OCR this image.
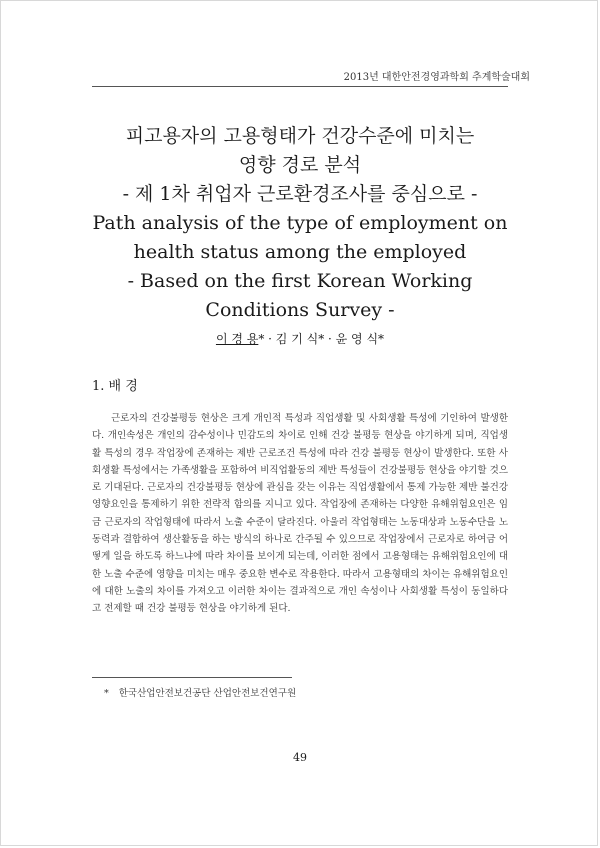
2013년 대한안전경영과학회 추계학술대회

피고용자의 고용형태가 건강수준에 미치는

영향 경로 분석

- 제 1차 취업자 근로환경조사를 중심으로 -

Path analysis of the type of employment on

health status among the employed

- Based on the first Korean Working

Conditions Survey -

이 경 용* · 김 기 식* · 윤 영 식*
1. 배 경

근로자의 건강불평등 현상은 크게 개인적 특성과 직업생활 및 사회생활 특성에 기인하여 발생한다. 개인속성은 개인의 감수성이나 민감도의 차이로 인해 건강 불평등 현상을 야기하게 되며, 직업생활 특성의 경우 작업장에 존재하는 제반 근로조건 특성에 따라 건강 불평등 현상이 발생한다. 또한 사회생활 특성에서는 가족생활을 포함하여 비직업활동의 제반 특성들이 건강불평등 현상을 야기할 것으로 기대된다. 근로자의 건강불평등 현상에 관심을 갖는 이유는 직업생활에서 통제 가능한 제반 불건강 영향요인을 통제하기 위한 전략적 함의를 지니고 있다. 작업장에 존재하는 다양한 유해위험요인은 임금 근로자의 작업형태에 따라서 노출 수준이 달라진다. 아울러 작업형태는 노동대상과 노동수단을 노동력과 결합하여 생산활동을 하는 방식의 하나로 간주될 수 있으므로 작업장에서 근로자로 하여금 어떻게 일을 하도록 하느냐에 따라 차이를 보이게 되는데, 이러한 점에서 고용형태는 유해위험요인에 대한 노출 수준에 영향을 미치는 매우 중요한 변수로 작용한다. 따라서 고용형태의 차이는 유해위험요인에 대한 노출의 차이를 가져오고 이러한 차이는 결과적으로 개인 속성이나 사회생활 특성이 동일하다고 전제할 때 건강 불평등 현상을 야기하게 된다.

* 한국산업안전보건공단 산업안전보건연구원
49
